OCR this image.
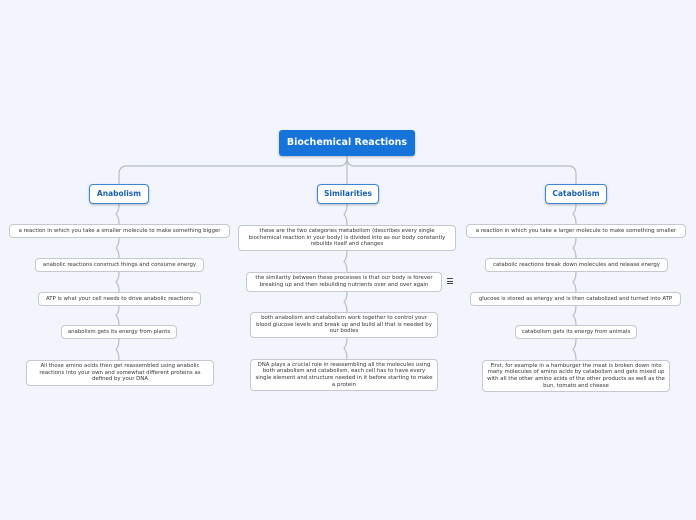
Biochemical Reactions
Anabolism	Similarities	Catabolism
a reaction in which you take a smaller molecule to make something bigger
anabolic reactions construct things and consume energy
ATP is what your cell needs to drive anabolic reactions
anabolism gets its energy from plants
All those amino acids then get reassembled using anabolic reactions into your own and somewhat different proteins as defined by your DNA
these are the two categories metabolism (describes every single biochemical reaction in your body) is divided into as our body constantly rebuilds itself and changes
the similarity between these processes is that our body is forever breaking up and then rebuilding nutrients over and over again
both anabolism and catabolism work together to control your blood glucose levels and break up and build all that is needed by our bodies
DNA plays a crucial role in reassembling all the molecules using both anabolism and catabolism, each cell has to have every single element and structure needed in it before starting to make a protein
a reaction in which you take a larger molecule to make something smaller
catabolic reactions break down molecules and release energy
glucose is stored as energy and is then catabolized and turned into ATP
catabolism gets its energy from animals
First, for example in a hamburger the meat is broken down into many molecules of amino acids by catabolism and gets mixed up with all the other amino acids of the other products as well as the bun, tomato and cheese
